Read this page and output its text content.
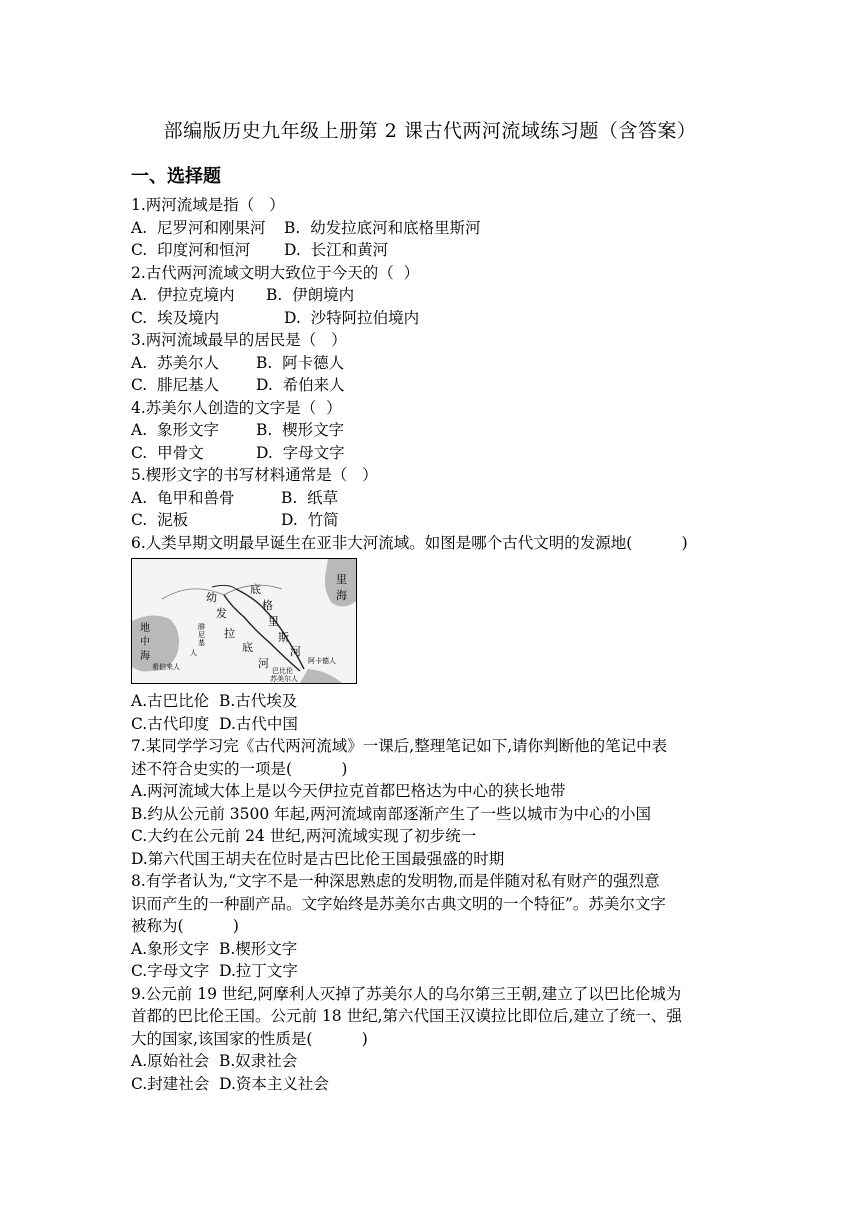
部编版历史九年级上册第 2 课古代两河流域练习题（含答案）
一、选择题
1.两河流域是指（   ）
A.  尼罗河和刚果河 B.  幼发拉底河和底格里斯河
C.  印度河和恒河 D.  长江和黄河
2.古代两河流域文明大致位于今天的（  ）
A.  伊拉克境内 B.  伊朗境内
C.  埃及境内	D.  沙特阿拉伯境内
3.两河流域最早的居民是（   ）
A.  苏美尔人 B.  阿卡德人
C.  腓尼基人 D.  希伯来人
4.苏美尔人创造的文字是（  ）
A.  象形文字 B.  楔形文字
C.  甲骨文	D.  字母文字
5.楔形文字的书写材料通常是（   ）
A.  龟甲和兽骨	B.  纸草
C.  泥板	D.  竹简
6.人类早期文明最早诞生在亚非大河流域。如图是哪个古代文明的发源地(          )
里
海
地
中
海
幼
发
拉
底
河
底
格
里
斯
河
腓
尼
基
人
希伯来人
阿卡德人
巴比伦
苏美尔人
A.古巴比伦  B.古代埃及
C.古代印度  D.古代中国
7.某同学学习完《古代两河流域》一课后,整理笔记如下,请你判断他的笔记中表
述不符合史实的一项是(          )
A.两河流域大体上是以今天伊拉克首都巴格达为中心的狭长地带
B.约从公元前 3500 年起,两河流域南部逐渐产生了一些以城市为中心的小国
C.大约在公元前 24 世纪,两河流域实现了初步统一
D.第六代国王胡夫在位时是古巴比伦王国最强盛的时期
8.有学者认为,“文字不是一种深思熟虑的发明物,而是伴随对私有财产的强烈意
识而产生的一种副产品。文字始终是苏美尔古典文明的一个特征”。苏美尔文字
被称为(          )
A.象形文字  B.楔形文字
C.字母文字  D.拉丁文字
9.公元前 19 世纪,阿摩利人灭掉了苏美尔人的乌尔第三王朝,建立了以巴比伦城为
首都的巴比伦王国。公元前 18 世纪,第六代国王汉谟拉比即位后,建立了统一、强
大的国家,该国家的性质是(          )
A.原始社会  B.奴隶社会
C.封建社会  D.资本主义社会
